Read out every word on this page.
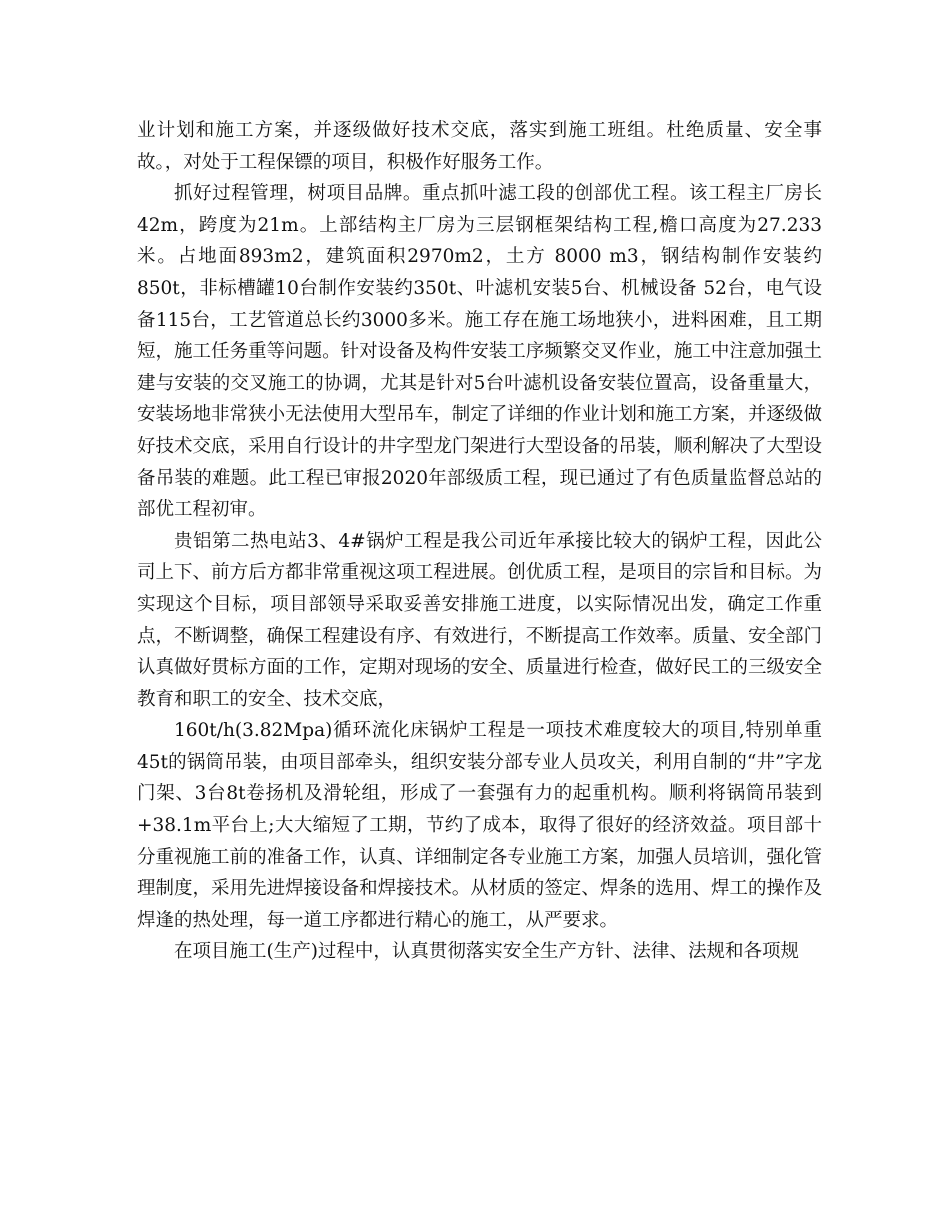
业计划和施工方案，并逐级做好技术交底，落实到施工班组。杜绝质量、安全事故。，对处于工程保镖的项目，积极作好服务工作。

抓好过程管理，树项目品牌。重点抓叶滤工段的创部优工程。该工程主厂房长42m，跨度为21m。上部结构主厂房为三层钢框架结构工程,檐口高度为27.233米。占地面893m2，建筑面积2970m2，土方 8000 m3，钢结构制作安装约850t，非标槽罐10台制作安装约350t、叶滤机安装5台、机械设备 52台，电气设备115台，工艺管道总长约3000多米。施工存在施工场地狭小，进料困难，且工期短，施工任务重等问题。针对设备及构件安装工序频繁交叉作业，施工中注意加强土建与安装的交叉施工的协调，尤其是针对5台叶滤机设备安装位置高，设备重量大，安装场地非常狭小无法使用大型吊车，制定了详细的作业计划和施工方案，并逐级做好技术交底，采用自行设计的井字型龙门架进行大型设备的吊装，顺利解决了大型设备吊装的难题。此工程已审报2020年部级质工程，现已通过了有色质量监督总站的部优工程初审。

贵铝第二热电站3、4#锅炉工程是我公司近年承接比较大的锅炉工程，因此公司上下、前方后方都非常重视这项工程进展。创优质工程，是项目的宗旨和目标。为实现这个目标，项目部领导采取妥善安排施工进度，以实际情况出发，确定工作重点，不断调整，确保工程建设有序、有效进行，不断提高工作效率。质量、安全部门认真做好贯标方面的工作，定期对现场的安全、质量进行检查，做好民工的三级安全教育和职工的安全、技术交底，

160t/h(3.82Mpa)循环流化床锅炉工程是一项技术难度较大的项目,特别单重45t的锅筒吊装，由项目部牵头，组织安装分部专业人员攻关，利用自制的“井”字龙门架、3台8t卷扬机及滑轮组，形成了一套强有力的起重机构。顺利将锅筒吊装到+38.1m平台上;大大缩短了工期，节约了成本，取得了很好的经济效益。项目部十分重视施工前的准备工作，认真、详细制定各专业施工方案，加强人员培训，强化管理制度，采用先进焊接设备和焊接技术。从材质的签定、焊条的选用、焊工的操作及焊逢的热处理，每一道工序都进行精心的施工，从严要求。

在项目施工(生产)过程中，认真贯彻落实安全生产方针、法律、法规和各项规
